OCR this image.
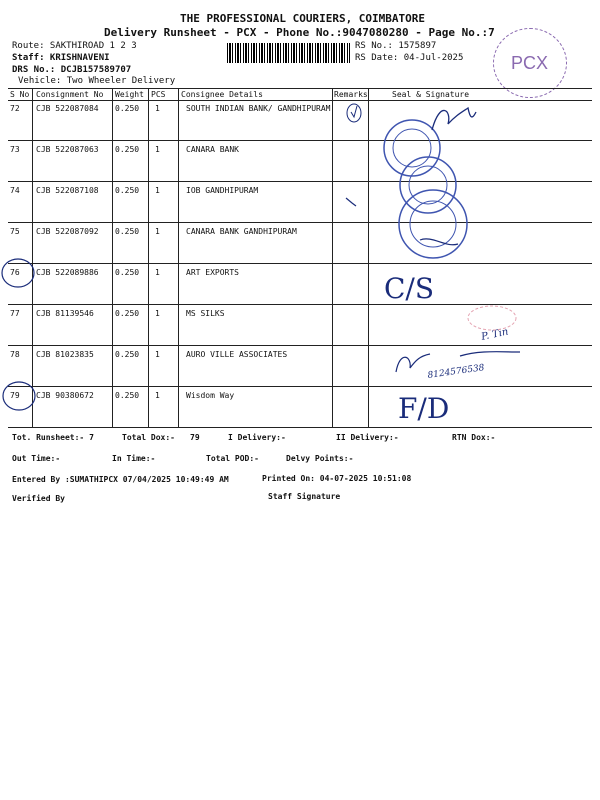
THE PROFESSIONAL COURIERS, COIMBATORE
Delivery Runsheet - PCX - Phone No.:9047080280 - Page No.:7
Route: SAKTHIROAD 1 2 3
Staff: KRISHNAVENI
DRS No.: DCJB157589707
Vehicle: Two Wheeler Delivery
RS No.: 1575897
RS Date: 04-Jul-2025	PCX
S No Consignment No Weight PCS Consignee Details	Remarks	Seal & Signature
72 CJB 522087084 0.250 1	SOUTH INDIAN BANK/ GANDHIPURAM
73 CJB 522087063 0.250 1	CANARA BANK
74 CJB 522087108 0.250 1	IOB GANDHIPURAM
75 CJB 522087092 0.250 1	CANARA BANK GANDHIPURAM
76 CJB 522089886 0.250 1	ART EXPORTS
77 CJB 81139546	0.250 1	MS SILKS
78 CJB 81023835	0.250 1	AURO VILLE ASSOCIATES
79 CJB 90380672	0.250 1	Wisdom Way
C/S
F/D
8124576538
P. Tin
Tot. Runsheet:- 7	Total Dox:- 79	I Delivery:-	II Delivery:-	RTN Dox:-
Out Time:-	In Time:-	Total POD:-	Delvy Points:-
Entered By :SUMATHIPCX 07/04/2025 10:49:49 AM	Printed On: 04-07-2025 10:51:08
Verified By	Staff Signature
